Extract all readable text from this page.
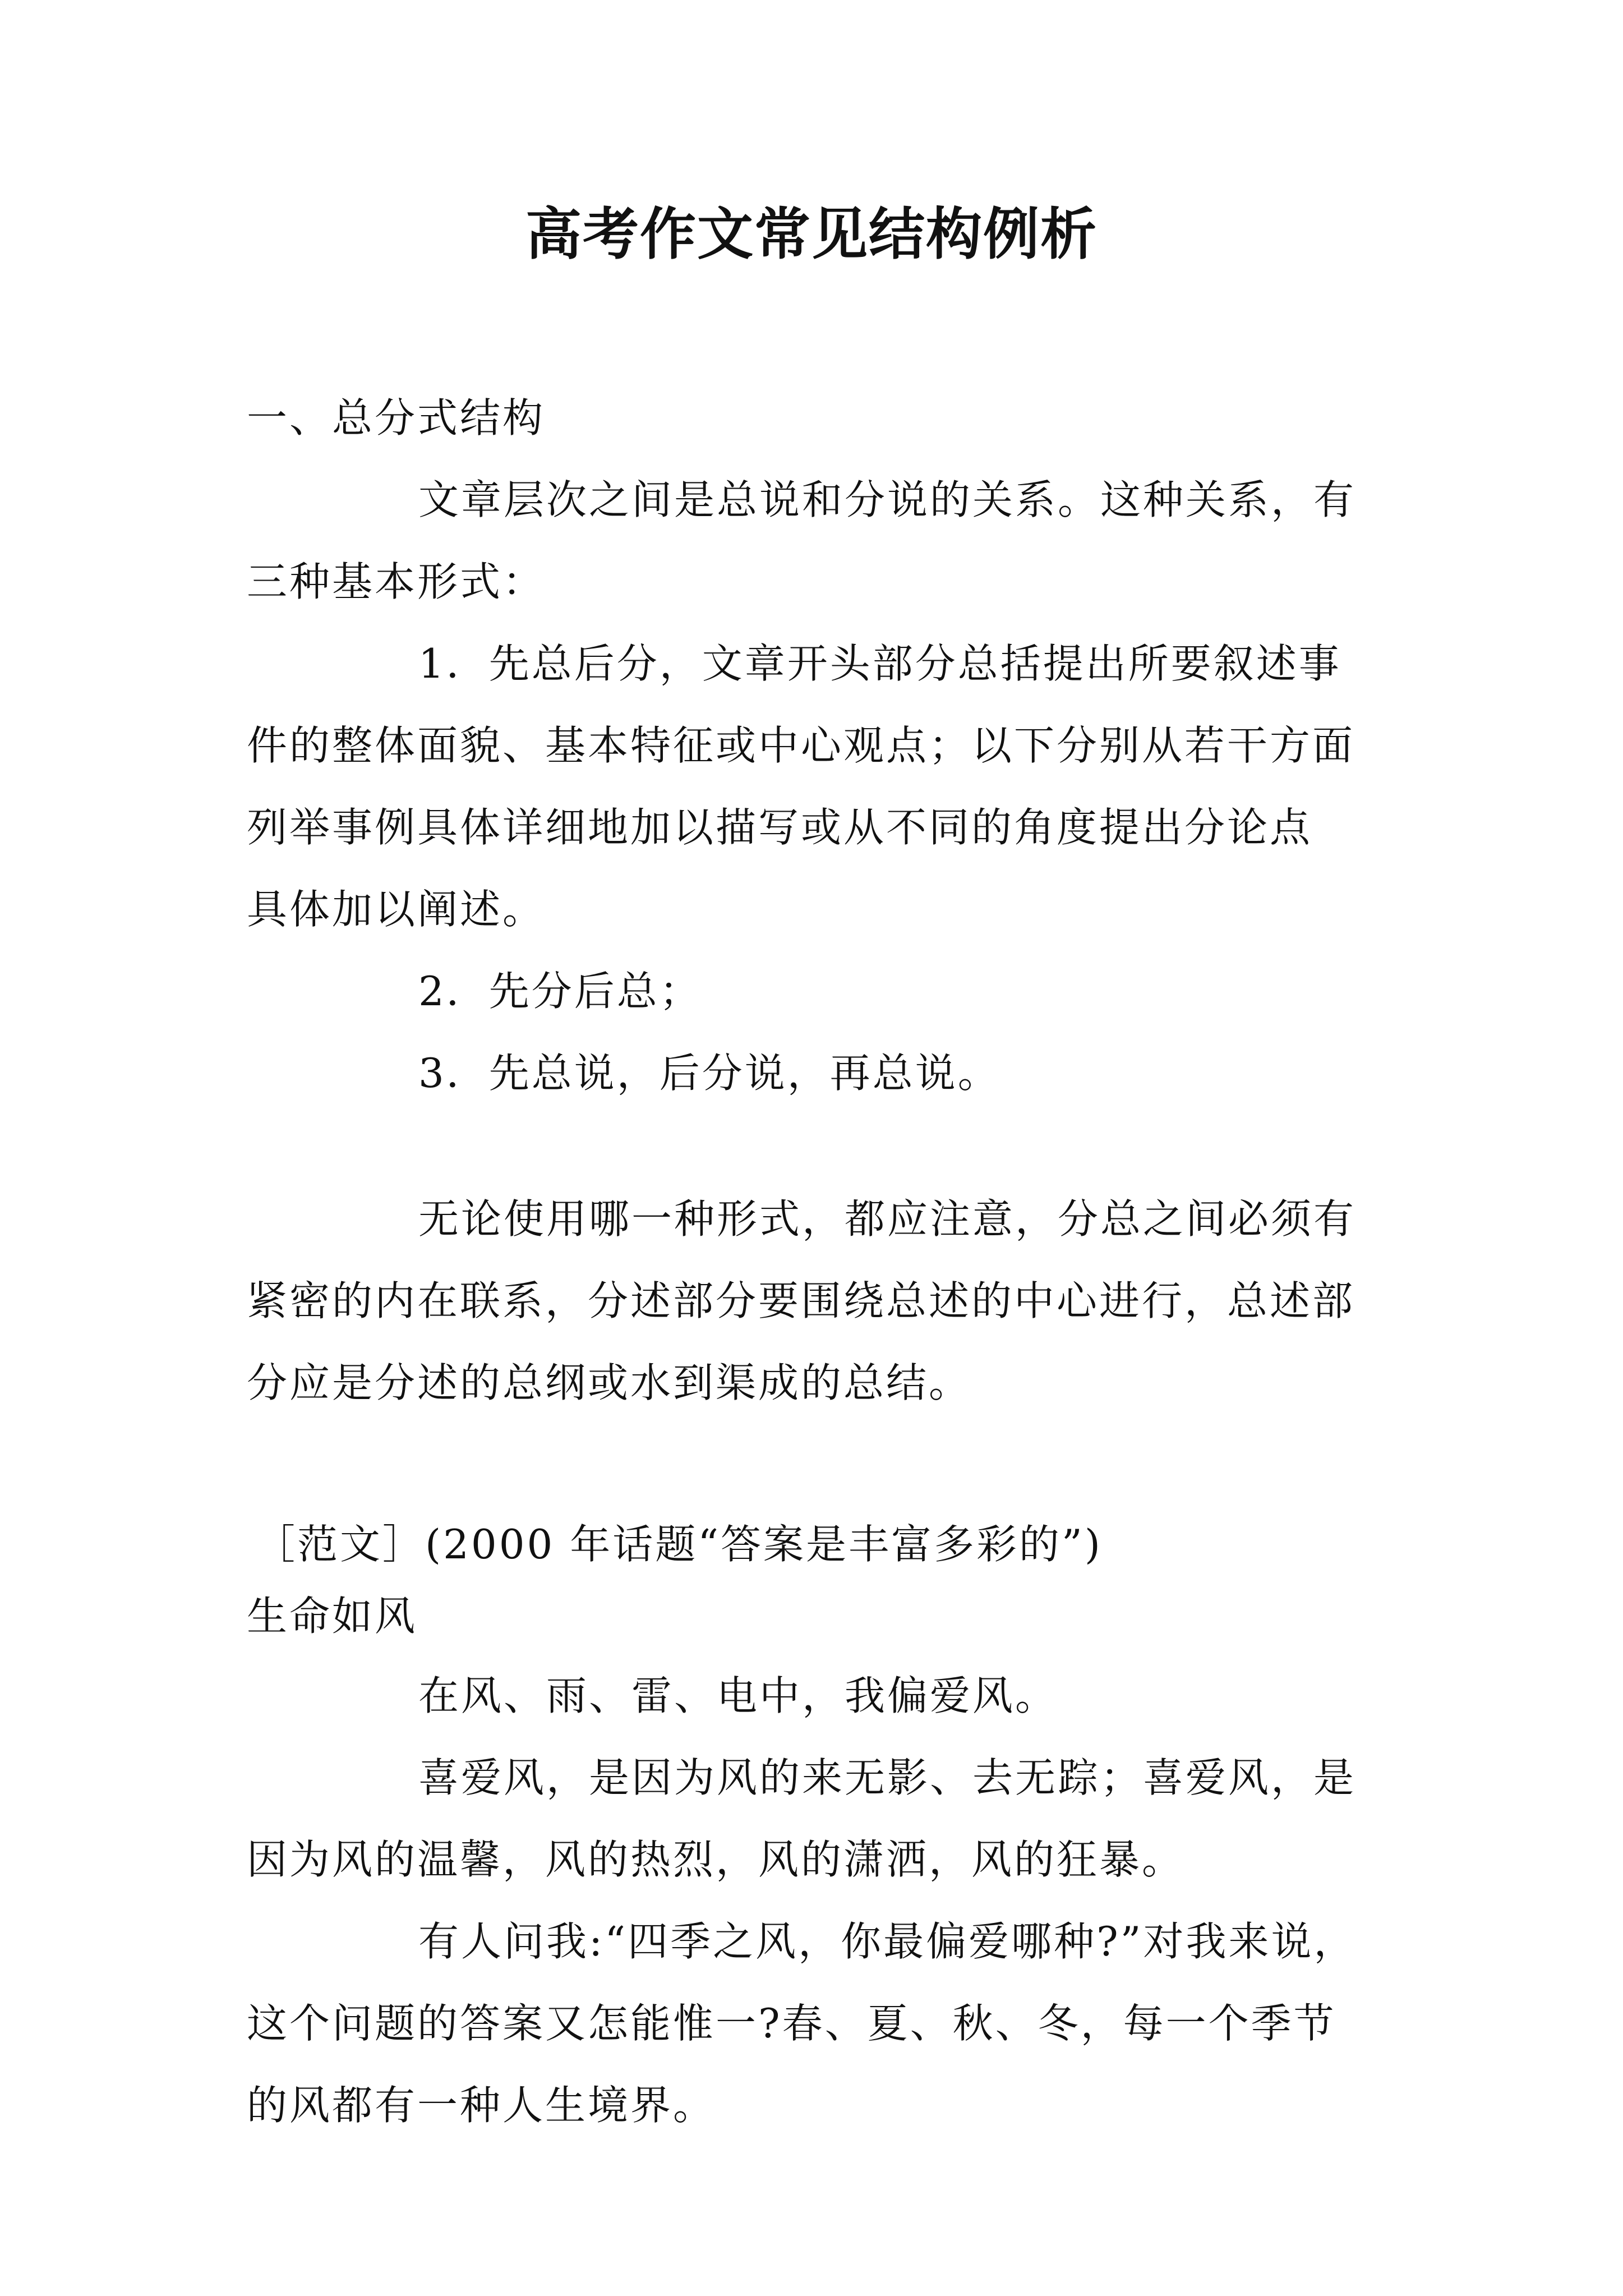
高考作文常见结构例析

一、总分式结构

文章层次之间是总说和分说的关系。这种关系，有
三种基本形式：

1．先总后分，文章开头部分总括提出所要叙述事
件的整体面貌、基本特征或中心观点；以下分别从若干方面
列举事例具体详细地加以描写或从不同的角度提出分论点
具体加以阐述。

2．先分后总；

3．先总说，后分说，再总说。

无论使用哪一种形式，都应注意，分总之间必须有
紧密的内在联系，分述部分要围绕总述的中心进行，总述部
分应是分述的总纲或水到渠成的总结。

［范文］(2000 年话题“答案是丰富多彩的”)

生命如风

在风、雨、雷、电中，我偏爱风。

喜爱风，是因为风的来无影、去无踪；喜爱风，是
因为风的温馨，风的热烈，风的潇洒，风的狂暴。

有人问我:“四季之风，你最偏爱哪种?”对我来说，
这个问题的答案又怎能惟一?春、夏、秋、冬，每一个季节
的风都有一种人生境界。
